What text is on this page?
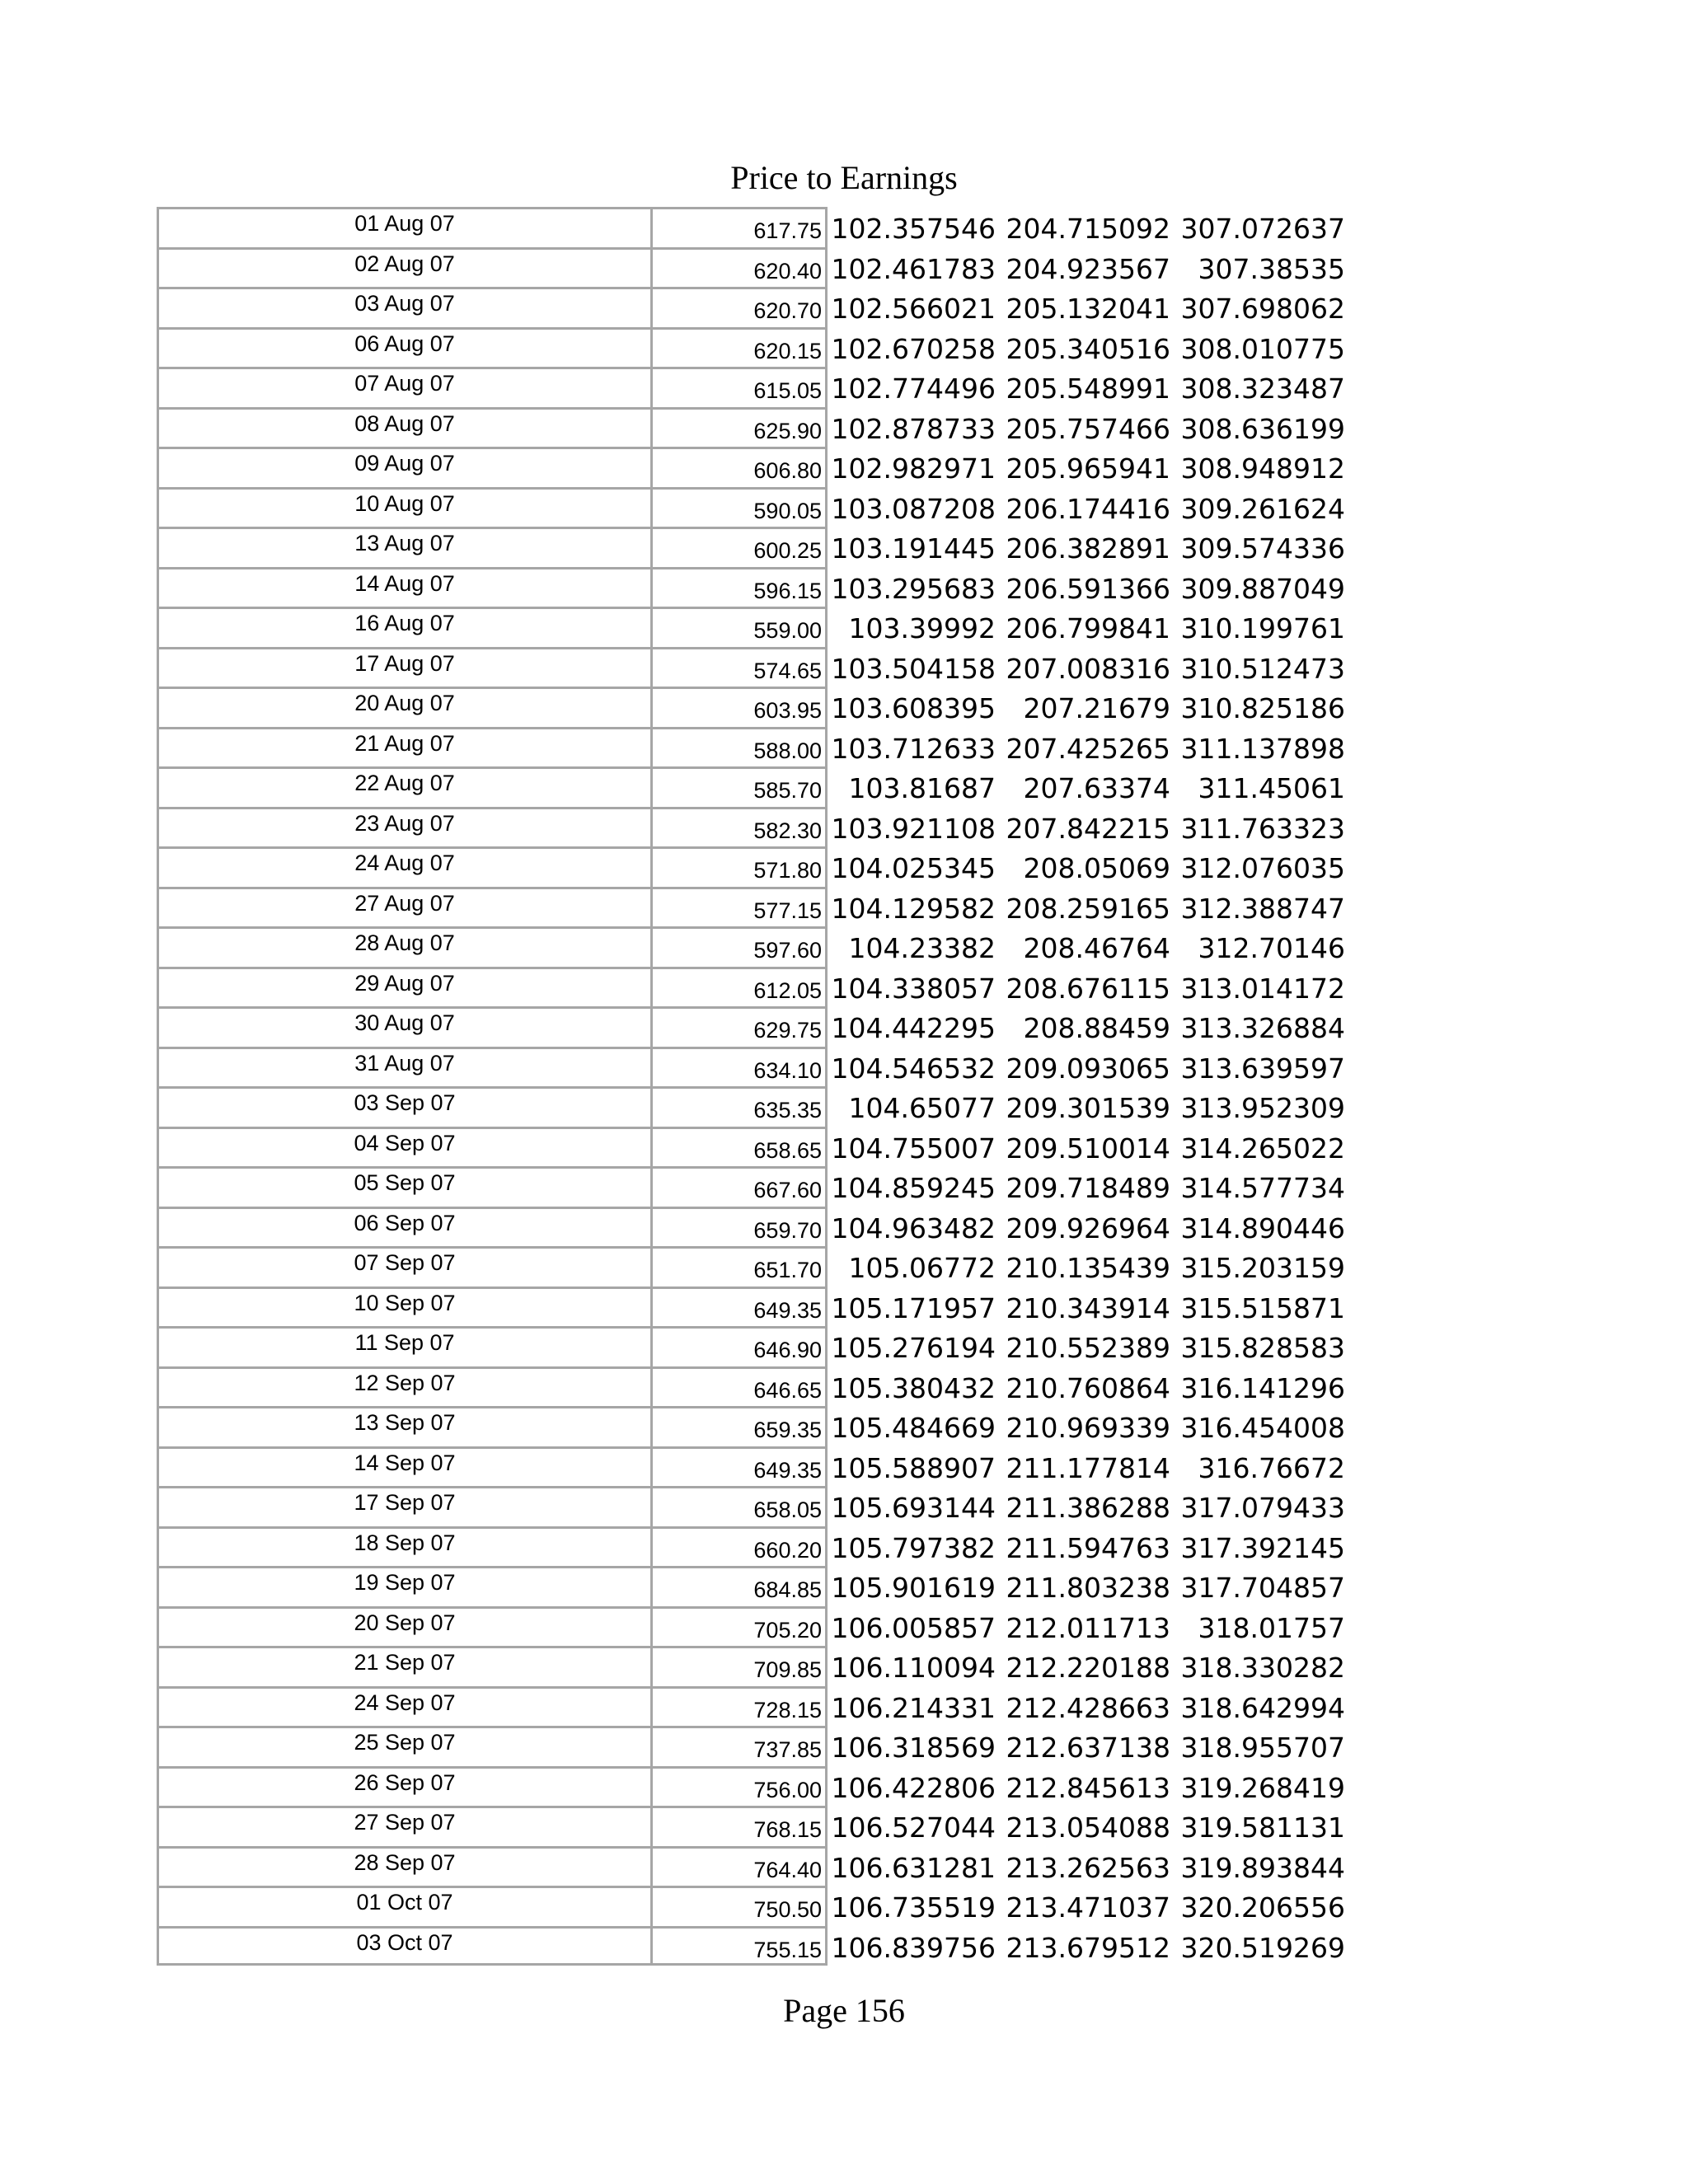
Price to Earnings
01 Aug 07	617.75 102.357546 204.715092 307.072637
02 Aug 07	620.40 102.461783 204.923567	307.38535
03 Aug 07	620.70 102.566021 205.132041 307.698062
06 Aug 07	620.15 102.670258 205.340516 308.010775
07 Aug 07	615.05 102.774496 205.548991 308.323487
08 Aug 07	625.90 102.878733 205.757466 308.636199
09 Aug 07	606.80 102.982971 205.965941 308.948912
10 Aug 07	590.05 103.087208 206.174416 309.261624
13 Aug 07	600.25 103.191445 206.382891 309.574336
14 Aug 07	596.15 103.295683 206.591366 309.887049
16 Aug 07	559.00 103.39992 206.799841 310.199761
17 Aug 07	574.65 103.504158 207.008316 310.512473
20 Aug 07	603.95 103.608395	207.21679 310.825186
21 Aug 07	588.00 103.712633 207.425265 311.137898
22 Aug 07	585.70 103.81687	207.63374	311.45061
23 Aug 07	582.30 103.921108 207.842215 311.763323
24 Aug 07	571.80 104.025345	208.05069 312.076035
27 Aug 07	577.15 104.129582 208.259165 312.388747
28 Aug 07	597.60 104.23382	208.46764	312.70146
29 Aug 07	612.05 104.338057 208.676115 313.014172
30 Aug 07	629.75 104.442295	208.88459 313.326884
31 Aug 07	634.10 104.546532 209.093065 313.639597
03 Sep 07	635.35 104.65077 209.301539 313.952309
04 Sep 07	658.65 104.755007 209.510014 314.265022
05 Sep 07	667.60 104.859245 209.718489 314.577734
06 Sep 07	659.70 104.963482 209.926964 314.890446
07 Sep 07	651.70 105.06772 210.135439 315.203159
10 Sep 07	649.35 105.171957 210.343914 315.515871
11 Sep 07	646.90 105.276194 210.552389 315.828583
12 Sep 07	646.65 105.380432 210.760864 316.141296
13 Sep 07	659.35 105.484669 210.969339 316.454008
14 Sep 07	649.35 105.588907 211.177814	316.76672
17 Sep 07	658.05 105.693144 211.386288 317.079433
18 Sep 07	660.20 105.797382 211.594763 317.392145
19 Sep 07	684.85 105.901619 211.803238 317.704857
20 Sep 07	705.20 106.005857 212.011713	318.01757
21 Sep 07	709.85 106.110094 212.220188 318.330282
24 Sep 07	728.15 106.214331 212.428663 318.642994
25 Sep 07	737.85 106.318569 212.637138 318.955707
26 Sep 07	756.00 106.422806 212.845613 319.268419
27 Sep 07	768.15 106.527044 213.054088 319.581131
28 Sep 07	764.40 106.631281 213.262563 319.893844
01 Oct 07	750.50 106.735519 213.471037 320.206556
03 Oct 07	755.15 106.839756 213.679512 320.519269
Page 156
